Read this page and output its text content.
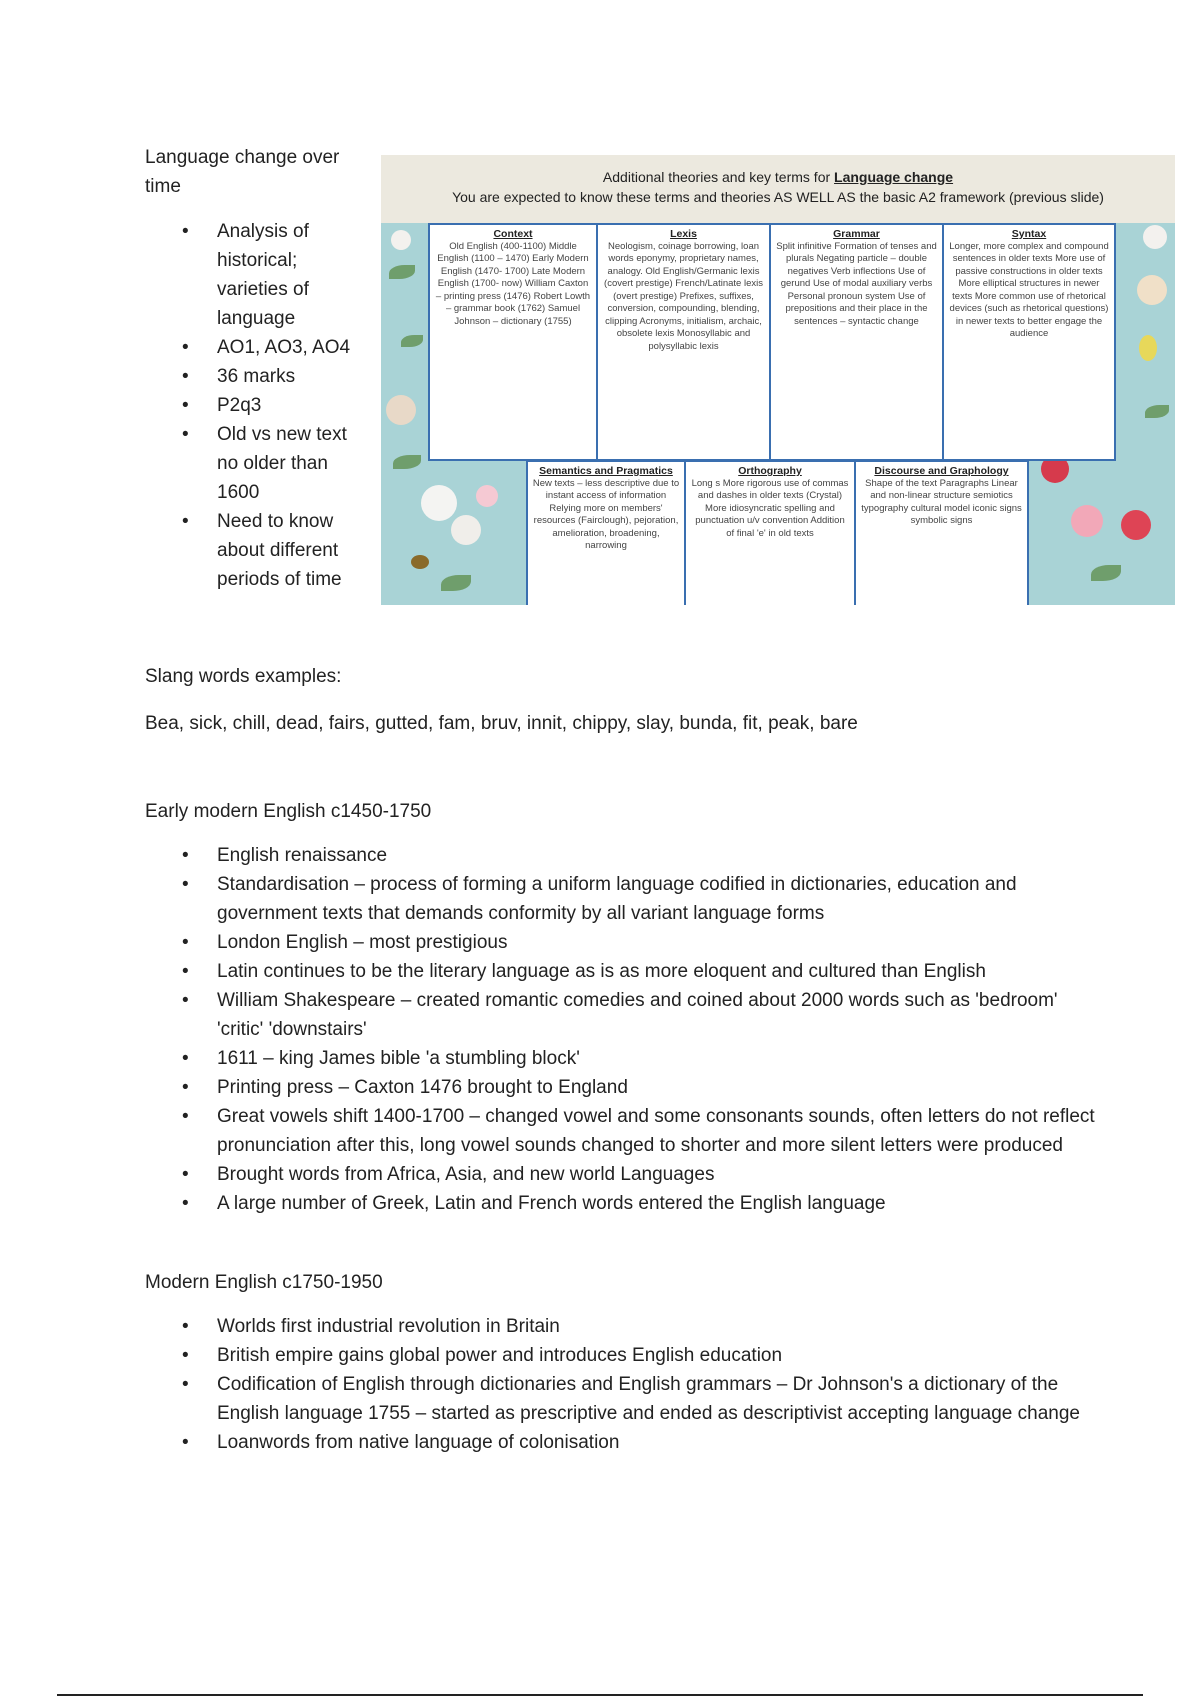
Language change over time

• Analysis of historical; varieties of language
• AO1, AO3, AO4
• 36 marks
• P2q3
• Old vs new text no older than 1600
• Need to know about different periods of time
Additional theories and key terms for Language change
You are expected to know these terms and theories AS WELL AS the basic A2 framework (previous slide)
Context
Old English (400-1100) Middle English (1100 – 1470) Early Modern English (1470- 1700) Late Modern English (1700- now) William Caxton – printing press (1476) Robert Lowth – grammar book (1762) Samuel Johnson – dictionary (1755)
Lexis
Neologism, coinage borrowing, loan words eponymy, proprietary names, analogy. Old English/Germanic lexis (covert prestige) French/Latinate lexis (overt prestige) Prefixes, suffixes, conversion, compounding, blending, clipping Acronyms, initialism, archaic, obsolete lexis Monosyllabic and polysyllabic lexis
Grammar
Split infinitive Formation of tenses and plurals Negating particle – double negatives Verb inflections Use of gerund Use of modal auxiliary verbs Personal pronoun system Use of prepositions and their place in the sentences – syntactic change
Syntax
Longer, more complex and compound sentences in older texts More use of passive constructions in older texts More elliptical structures in newer texts More common use of rhetorical devices (such as rhetorical questions) in newer texts to better engage the audience
Semantics and Pragmatics
New texts – less descriptive due to instant access of information Relying more on members' resources (Fairclough), pejoration, amelioration, broadening, narrowing
Orthography
Long s More rigorous use of commas and dashes in older texts (Crystal) More idiosyncratic spelling and punctuation u/v convention Addition of final 'e' in old texts
Discourse and Graphology
Shape of the text Paragraphs Linear and non-linear structure semiotics typography cultural model iconic signs symbolic signs

Slang words examples:

Bea, sick, chill, dead, fairs, gutted, fam, bruv, innit, chippy, slay, bunda, fit, peak, bare

Early modern English c1450-1750

• English renaissance
• Standardisation – process of forming a uniform language codified in dictionaries, education and government texts that demands conformity by all variant language forms
• London English – most prestigious
• Latin continues to be the literary language as is as more eloquent and cultured than English
• William Shakespeare – created romantic comedies and coined about 2000 words such as 'bedroom' 'critic' 'downstairs'
• 1611 – king James bible 'a stumbling block'
• Printing press – Caxton 1476 brought to England
• Great vowels shift 1400-1700 – changed vowel and some consonants sounds, often letters do not reflect pronunciation after this, long vowel sounds changed to shorter and more silent letters were produced
• Brought words from Africa, Asia, and new world Languages
• A large number of Greek, Latin and French words entered the English language

Modern English c1750-1950

• Worlds first industrial revolution in Britain
• British empire gains global power and introduces English education
• Codification of English through dictionaries and English grammars – Dr Johnson's a dictionary of the English language 1755 – started as prescriptive and ended as descriptivist accepting language change
• Loanwords from native language of colonisation
